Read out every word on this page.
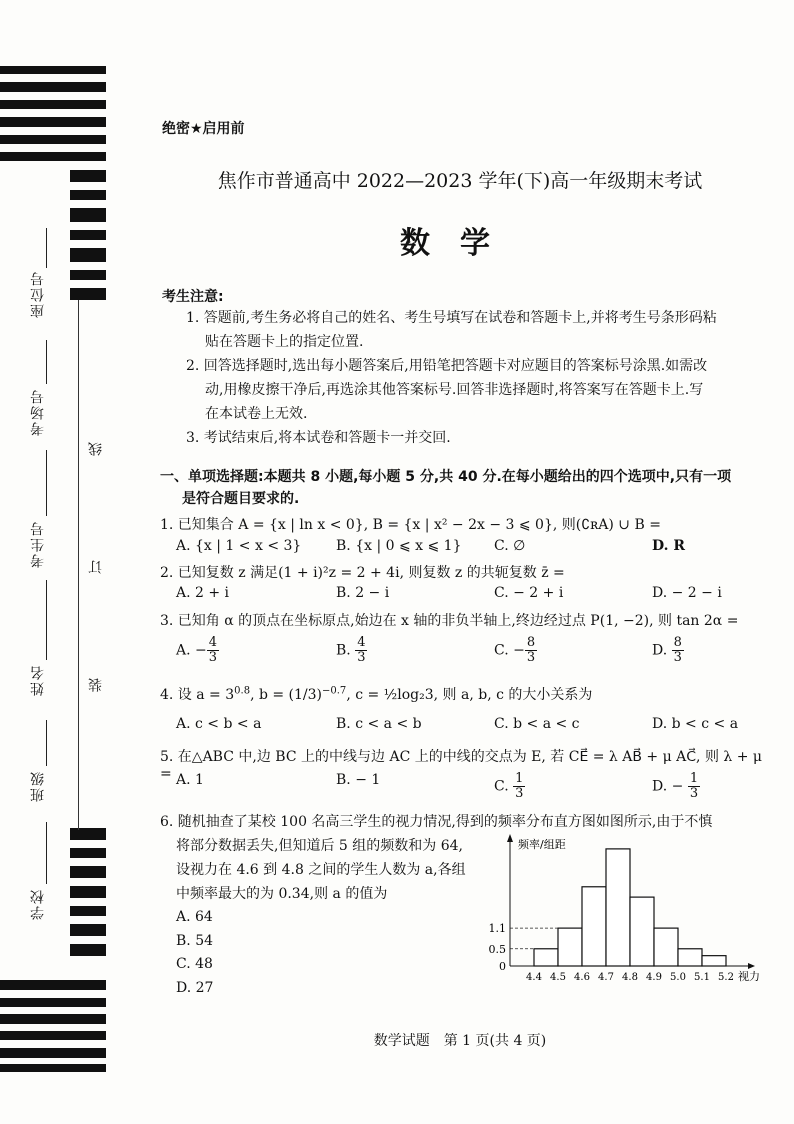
座位号
考场号
考生号
姓名
班级
学校
线
订
装
绝密★启用前
焦作市普通高中 2022—2023 学年(下)高一年级期末考试
数学
考生注意:

1. 答题前,考生务必将自己的姓名、考生号填写在试卷和答题卡上,并将考生号条形码粘

贴在答题卡上的指定位置.

2. 回答选择题时,选出每小题答案后,用铅笔把答题卡对应题目的答案标号涂黑.如需改

动,用橡皮擦干净后,再选涂其他答案标号.回答非选择题时,将答案写在答题卡上.写

在本试卷上无效.

3. 考试结束后,将本试卷和答题卡一并交回.

一、单项选择题:本题共 8 小题,每小题 5 分,共 40 分.在每小题给出的四个选项中,只有一项
是符合题目要求的.
1. 已知集合 A = {x | ln x < 0}, B = {x | x² − 2x − 3 ⩽ 0}, 则(∁ʀA) ∪ B =
A. {x | 1 < x < 3} B. {x | 0 ⩽ x ⩽ 1} C. ∅	D. R
2. 已知复数 z 满足(1 + i)²z = 2 + 4i, 则复数 z 的共轭复数 z̄ =
A. 2 + i	B. 2 − i	C. − 2 + i	D. − 2 − i
3. 已知角 α 的顶点在坐标原点,始边在 x 轴的非负半轴上,终边经过点 P(1, −2), 则 tan 2α =
A. − $\frac{4}{3}$	B. $\frac{4}{3}$	C. − $\frac{8}{3}$	D. $\frac{8}{3}$
4. 设 $a = 3^{0.8}$, $b = (1/3)^{-0.7}$, c = ½log₂3, 则 a, b, c 的大小关系为
A. c < b < a	B. c < a < b	C. b < a < c	D. b < c < a
5. 在△ABC 中,边 BC 上的中线与边 AC 上的中线的交点为 E, 若 CE⃗ = λ AB⃗ + μ AC⃗, 则 λ + μ = A. 1	B. − 1	C. $\frac{1}{3}$	D. − $\frac{1}{3}$

6. 随机抽查了某校 100 名高三学生的视力情况,得到的频率分布直方图如图所示,由于不慎

将部分数据丢失,但知道后 5 组的频数和为 64,

设视力在 4.6 到 4.8 之间的学生人数为 a,各组

中频率最大的为 0.34,则 a 的值为

A. 64
B. 54
C. 48
D. 27
频率/组距
视力
0
0.5
1.1
4.4 4.5 4.6 4.7 4.8 4.9 5.0 5.1 5.2
数学试题　第 1 页(共 4 页)
